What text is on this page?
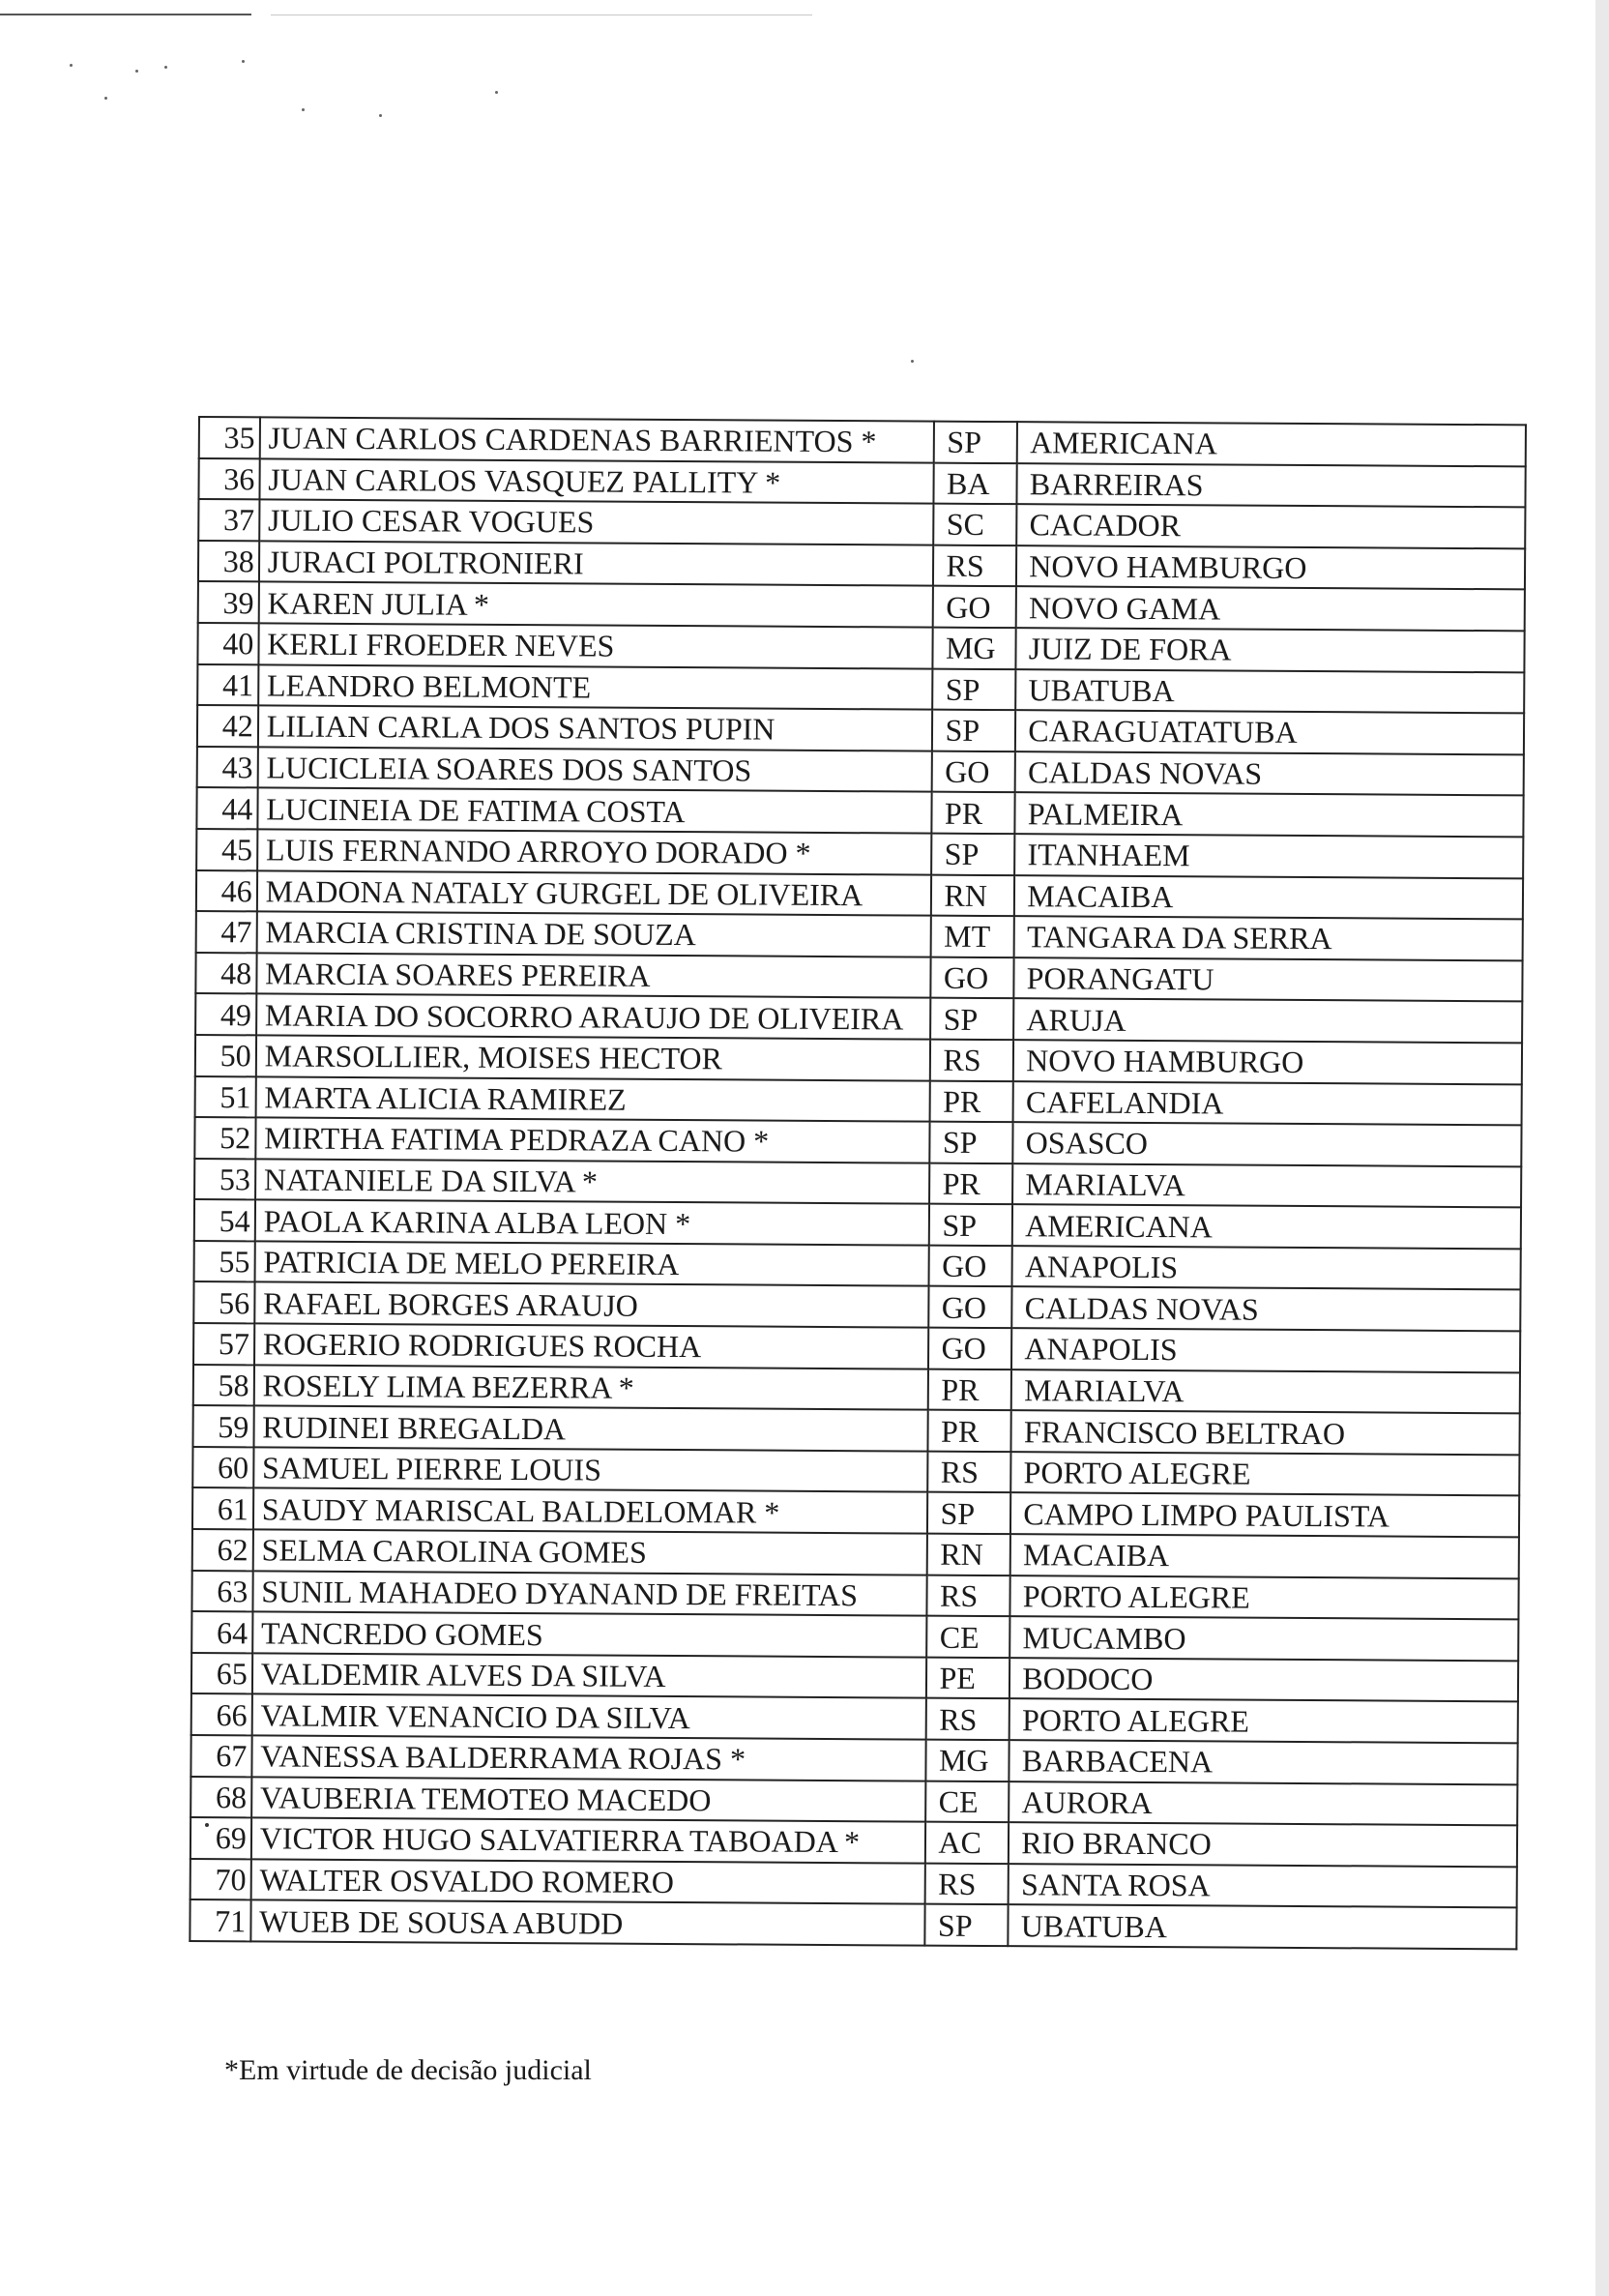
35	JUAN CARLOS CARDENAS BARRIENTOS *	SP	AMERICANA
36	JUAN CARLOS VASQUEZ PALLITY *	BA	BARREIRAS
37	JULIO CESAR VOGUES	SC	CACADOR
38	JURACI POLTRONIERI	RS	NOVO HAMBURGO
39	KAREN JULIA *	GO	NOVO GAMA
40	KERLI FROEDER NEVES	MG	JUIZ DE FORA
41	LEANDRO BELMONTE	SP	UBATUBA
42	LILIAN CARLA DOS SANTOS PUPIN	SP	CARAGUATATUBA
43	LUCICLEIA SOARES DOS SANTOS	GO	CALDAS NOVAS
44	LUCINEIA DE FATIMA COSTA	PR	PALMEIRA
45	LUIS FERNANDO ARROYO DORADO *	SP	ITANHAEM
46	MADONA NATALY GURGEL DE OLIVEIRA	RN	MACAIBA
47	MARCIA CRISTINA DE SOUZA	MT	TANGARA DA SERRA
48	MARCIA SOARES PEREIRA	GO	PORANGATU
49	MARIA DO SOCORRO ARAUJO DE OLIVEIRA	SP	ARUJA
50	MARSOLLIER, MOISES HECTOR	RS	NOVO HAMBURGO
51	MARTA ALICIA RAMIREZ	PR	CAFELANDIA
52	MIRTHA FATIMA PEDRAZA CANO *	SP	OSASCO
53	NATANIELE DA SILVA *	PR	MARIALVA
54	PAOLA KARINA ALBA LEON *	SP	AMERICANA
55	PATRICIA DE MELO PEREIRA	GO	ANAPOLIS
56	RAFAEL BORGES ARAUJO	GO	CALDAS NOVAS
57	ROGERIO RODRIGUES ROCHA	GO	ANAPOLIS
58	ROSELY LIMA BEZERRA *	PR	MARIALVA
59	RUDINEI BREGALDA	PR	FRANCISCO BELTRAO
60	SAMUEL PIERRE LOUIS	RS	PORTO ALEGRE
61	SAUDY MARISCAL BALDELOMAR *	SP	CAMPO LIMPO PAULISTA
62	SELMA CAROLINA GOMES	RN	MACAIBA
63	SUNIL MAHADEO DYANAND DE FREITAS	RS	PORTO ALEGRE
64	TANCREDO GOMES	CE	MUCAMBO
65	VALDEMIR ALVES DA SILVA	PE	BODOCO
66	VALMIR VENANCIO DA SILVA	RS	PORTO ALEGRE
67	VANESSA BALDERRAMA ROJAS *	MG	BARBACENA
68	VAUBERIA TEMOTEO MACEDO	CE	AURORA
69	VICTOR HUGO SALVATIERRA TABOADA *	AC	RIO BRANCO
70	WALTER OSVALDO ROMERO	RS	SANTA ROSA
71	WUEB DE SOUSA ABUDD	SP	UBATUBA
*Em virtude de decisão judicial
